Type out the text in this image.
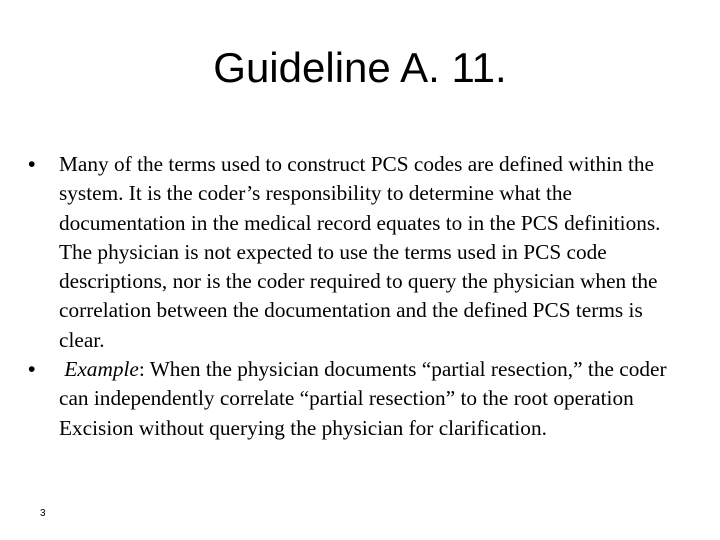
Guideline A. 11.
•	Many of the terms used to construct PCS codes are defined within the system. It is the coder’s responsibility to determine what the documentation in the medical record equates to in the PCS definitions. The physician is not expected to use the terms used in PCS code descriptions, nor is the coder required to query the physician when the correlation between the documentation and the defined PCS terms is clear.
•	Example: When the physician documents “partial resection,” the coder can independently correlate “partial resection” to the root operation Excision without querying the physician for clarification.
3
